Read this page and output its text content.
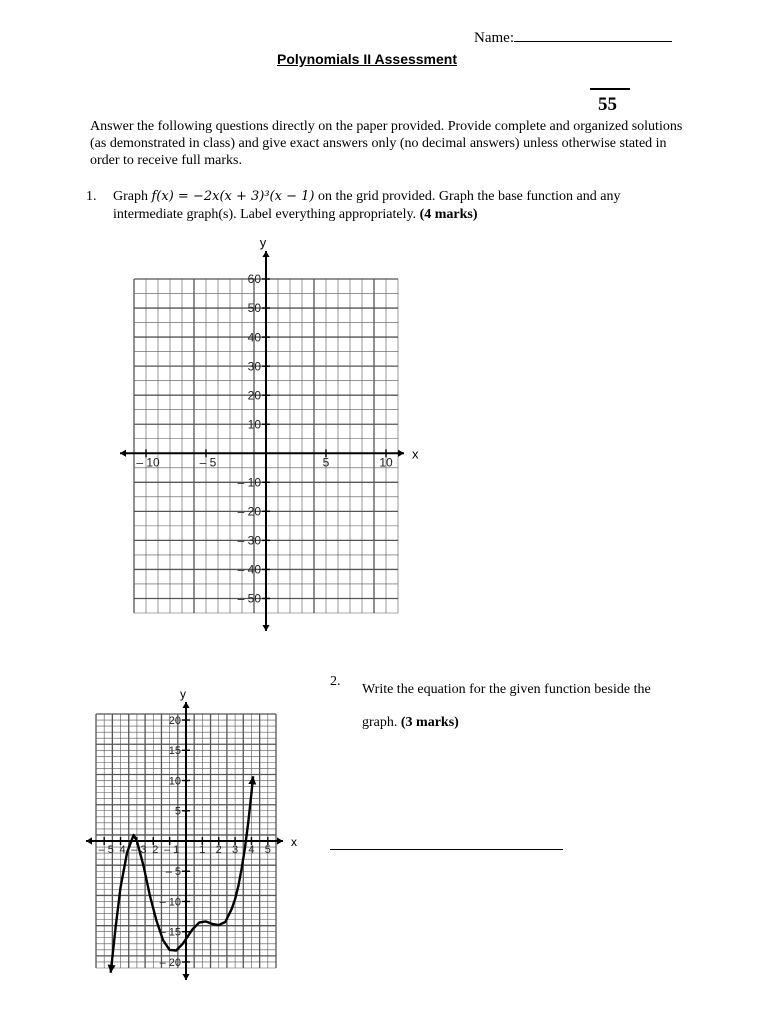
Name:
Polynomials II Assessment
55
Answer the following questions directly on the paper provided. Provide complete and organized solutions (as demonstrated in class) and give exact answers only (no decimal answers) unless otherwise stated in order to receive full marks.
1. Graph f(x) = −2x(x + 3)³(x − 1) on the grid provided. Graph the base function and any intermediate graph(s). Label everything appropriately. (4 marks)
x
y
– 10	– 5	5	10
60
50
40
30
20
10
– 10
– 20
– 30
– 40
– 50
x
y
– 5 4 – 3 2 – 1 1 2 3 4 5
20
15
10
5
– 5
– 10
– 15
– 20
2.
Write the equation for the given function beside the graph. (3 marks)
